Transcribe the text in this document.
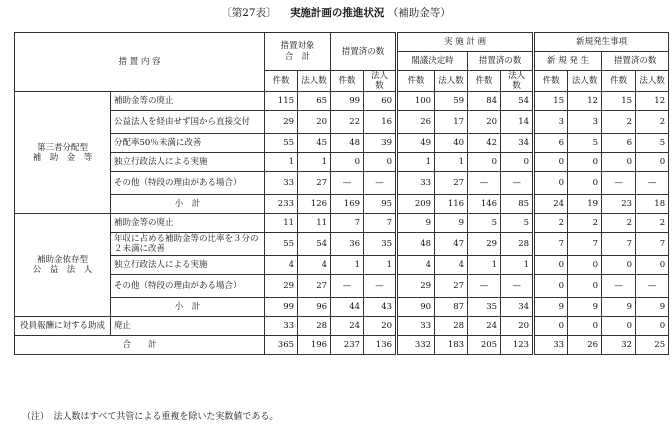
〔第27表〕 実施計画の推進状況 （補助金等）
措 置 内 容		措置対象
合　計		措置済の数		実 施 計 画				新規発生事項			
						閣議決定時		措置済の数		新 規 発 生		措置済の数	
		件数	法人数	件数	法人数	件数	法人数	件数	法人数	件数	法人数	件数	法人数

第三者分配型
補　助　金　等	補助金等の廃止	115	65	99	60	100	59	84	54	15	12	15	12
	公益法人を経由せず国から直接交付	29	20	22	16	26	17	20	14	3	3	2	2
	分配率50％未満に改善	55	45	48	39	49	40	42	34	6	5	6	5
	独立行政法人による実施	1	1	0	0	1	1	0	0	0	0	0	0
	その他（特段の理由がある場合）	33	27	—	—	33	27	—	—	0	0	—	—
	小　計	233	126	169	95	209	116	146	85	24	19	23	18

補助金依存型
公　益　法　人	補助金等の廃止	11	11	7	7	9	9	5	5	2	2	2	2
	年収に占める補助金等の比率を３分の２未満に改善	55	54	36	35	48	47	29	28	7	7	7	7
	独立行政法人による実施	4	4	1	1	4	4	1	1	0	0	0	0
	その他（特段の理由がある場合）	29	27	—	—	29	27	—	—	0	0	—	—
	小　計	99	96	44	43	90	87	35	34	9	9	9	9
役員報酬に対する助成	廃止	33	28	24	20	33	28	24	20	0	0	0	0
合　　計		365	196	237	136	332	183	205	123	33	26	32	25
（注）　法人数はすべて共管による重複を除いた実数値である。
